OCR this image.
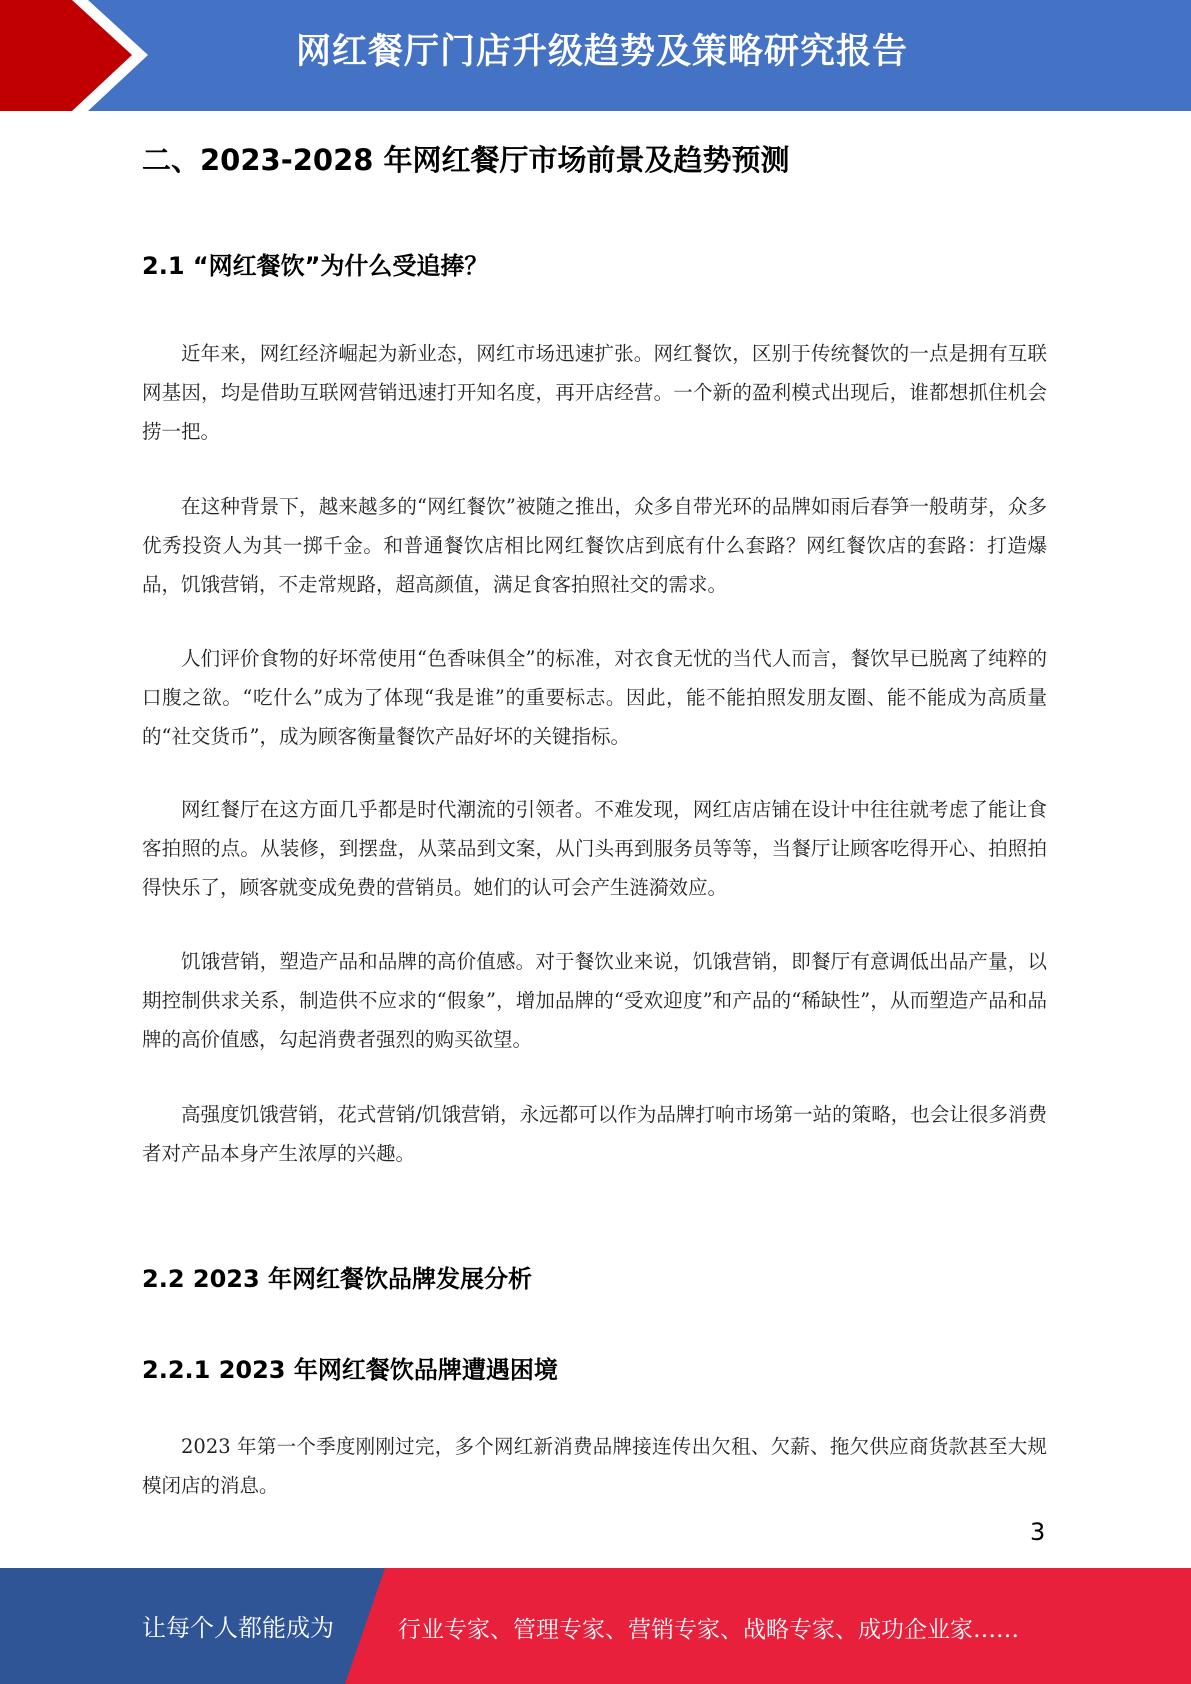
网红餐厅门店升级趋势及策略研究报告
二、2023-2028 年网红餐厅市场前景及趋势预测
2.1 “网红餐饮”为什么受追捧？

近年来，网红经济崛起为新业态，网红市场迅速扩张。网红餐饮，区别于传统餐饮的一点是拥有互联网基因，均是借助互联网营销迅速打开知名度，再开店经营。一个新的盈利模式出现后，谁都想抓住机会捞一把。

在这种背景下，越来越多的“网红餐饮”被随之推出，众多自带光环的品牌如雨后春笋一般萌芽，众多优秀投资人为其一掷千金。和普通餐饮店相比网红餐饮店到底有什么套路？网红餐饮店的套路：打造爆品，饥饿营销，不走常规路，超高颜值，满足食客拍照社交的需求。

人们评价食物的好坏常使用“色香味俱全”的标准，对衣食无忧的当代人而言，餐饮早已脱离了纯粹的口腹之欲。“吃什么”成为了体现“我是谁”的重要标志。因此，能不能拍照发朋友圈、能不能成为高质量的“社交货币”，成为顾客衡量餐饮产品好坏的关键指标。

网红餐厅在这方面几乎都是时代潮流的引领者。不难发现，网红店店铺在设计中往往就考虑了能让食客拍照的点。从装修，到摆盘，从菜品到文案，从门头再到服务员等等，当餐厅让顾客吃得开心、拍照拍得快乐了，顾客就变成免费的营销员。她们的认可会产生涟漪效应。

饥饿营销，塑造产品和品牌的高价值感。对于餐饮业来说，饥饿营销，即餐厅有意调低出品产量，以期控制供求关系，制造供不应求的“假象”，增加品牌的“受欢迎度”和产品的“稀缺性”，从而塑造产品和品牌的高价值感，勾起消费者强烈的购买欲望。

高强度饥饿营销，花式营销/饥饿营销，永远都可以作为品牌打响市场第一站的策略，也会让很多消费者对产品本身产生浓厚的兴趣。

2.2 2023 年网红餐饮品牌发展分析
2.2.1 2023 年网红餐饮品牌遭遇困境

2023 年第一个季度刚刚过完，多个网红新消费品牌接连传出欠租、欠薪、拖欠供应商货款甚至大规模闭店的消息。

3
让每个人都能成为	行业专家、管理专家、营销专家、战略专家、成功企业家……
